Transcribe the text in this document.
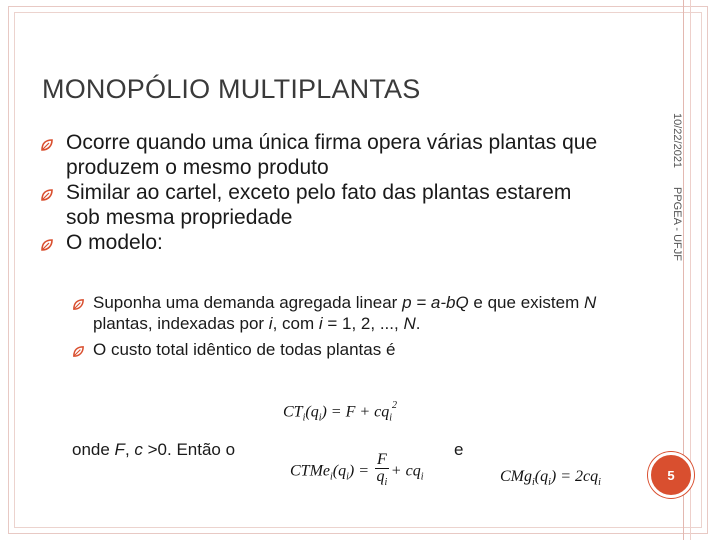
MONOPÓLIO MULTIPLANTAS
10/22/2021
PPGEA - UFJF
Ocorre quando uma única firma opera várias plantas que produzem o mesmo produto
Similar ao cartel, exceto pelo fato das plantas estarem sob mesma propriedade
O modelo:
Suponha uma demanda agregada linear p = a-bQ e que existem N plantas, indexadas por i, com i = 1, 2, ..., N.
O custo total idêntico de todas plantas é
$CT_i(q_i) = F + cq_i^2$
onde F, c >0. Então o
$CTMe_i(q_i) = \frac{F}{q_i} + cq_i$
e
$CMg_i(q_i) = 2cq_i$
5
